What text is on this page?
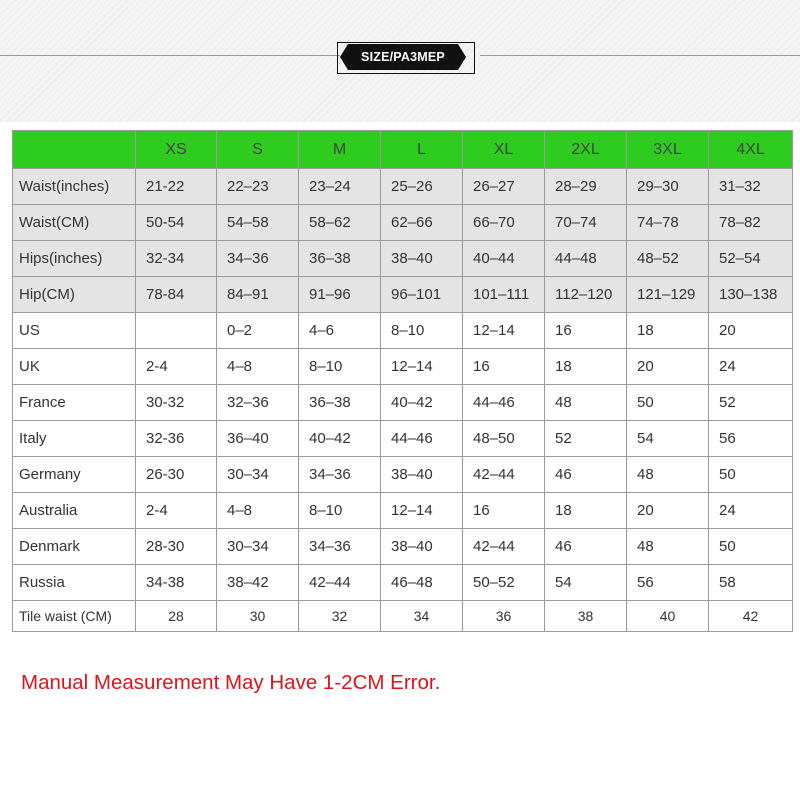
SIZE/PA3MEP
	XS	S	M	L	XL	2XL	3XL	4XL
Waist(inches)	21-22	22–23	23–24	25–26	26–27	28–29	29–30	31–32
Waist(CM)	50-54	54–58	58–62	62–66	66–70	70–74	74–78	78–82
Hips(inches)	32-34	34–36	36–38	38–40	40–44	44–48	48–52	52–54
Hip(CM)	78-84	84–91	91–96	96–101	101–111	112–120	121–129	130–138
US		0–2	4–6	8–10	12–14	16	18	20
UK	2-4	4–8	8–10	12–14	16	18	20	24
France	30-32	32–36	36–38	40–42	44–46	48	50	52
Italy	32-36	36–40	40–42	44–46	48–50	52	54	56
Germany	26-30	30–34	34–36	38–40	42–44	46	48	50
Australia	2-4	4–8	8–10	12–14	16	18	20	24
Denmark	28-30	30–34	34–36	38–40	42–44	46	48	50
Russia	34-38	38–42	42–44	46–48	50–52	54	56	58
Tile waist (CM)	28	30	32	34	36	38	40	42
Manual Measurement May Have 1-2CM Error.
